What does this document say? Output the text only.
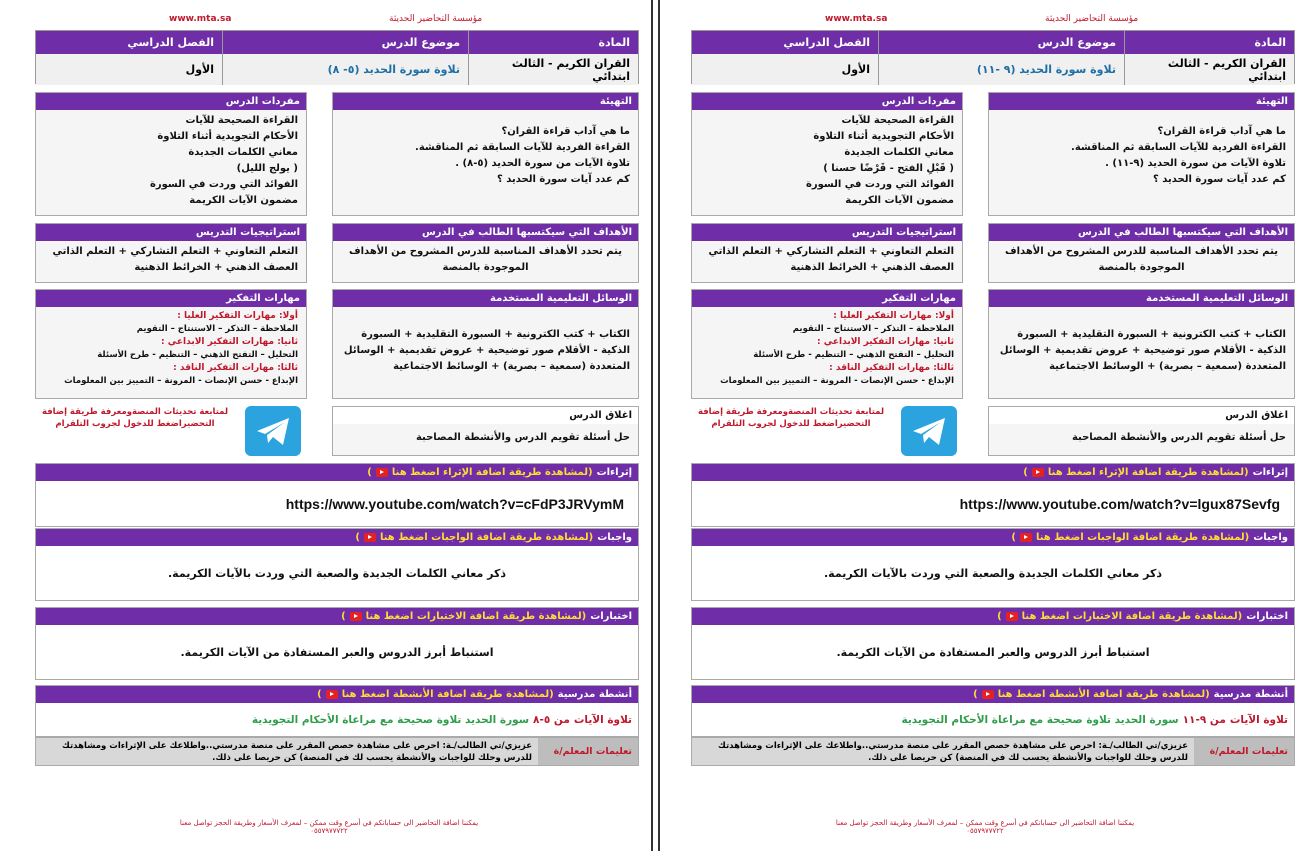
www.mta.sa	مؤسسة التحاضير الحديثة
المادة
موضوع الدرس
الفصل الدراسي
القران الكريم - الثالث ابتدائي
تلاوة سورة الحديد (٥- ٨)
الأول
التهيئة
ما هي آداب قراءة القران؟
القراءة الفردية للآيات السابقة ثم المناقشة.
تلاوة الآيات من سورة الحديد (٥-٨) .
كم عدد آيات سورة الحديد ؟
مفردات الدرس
القراءة الصحيحة للآيات
الأحكام التجويدية أثناء التلاوة
معاني الكلمات الجديدة
( يولج الليل)
الفوائد التي وردت في السورة
مضمون الآيات الكريمة
الأهداف التي سيكتسبها الطالب في الدرس
يتم تحدد الأهداف المناسبة للدرس المشروح من الأهداف الموجودة بالمنصة
استراتيجيات التدريس
التعلم التعاوني + التعلم التشاركي + التعلم الذاتي
العصف الذهني + الخرائط الذهنية
الوسائل التعليمية المستخدمة
الكتاب + كتب الكترونية + السبورة التقليدية + السبورة
الذكية - الأقلام صور توضيحية + عروض تقديمية + الوسائل
المتعددة (سمعية – بصرية) + الوسائط الاجتماعية
مهارات التفكير
أولا: مهارات التفكير العليا :
الملاحظة – التذكر – الاستنتاج – التقويم
ثانيا: مهارات التفكير الابداعي :
التحليل – التفتح الذهني – التنظيم - طرح الأسئلة
ثالثا: مهارات التفكير الناقد :
الإبداع - حسن الإنصات - المرونة – التمييز بين المعلومات
لمتابعة تحديثات المنصةومعرفة طريقة إضافة التحضيراضغط للدخول لجروب التلقرام
اغلاق الدرس
حل أسئلة تقويم الدرس والأنشطة المصاحبة
إثراءات
(لمشاهدة طريقة اضافة الإثراء اضغط هنا
)
https://www.youtube.com/watch?v=cFdP3JRVymM
واجبات
(لمشاهدة طريقة اضافة الواجبات اضغط هنا
)
ذكر معاني الكلمات الجديدة والصعبة التي وردت بالآيات الكريمة.
اختبارات
(لمشاهدة طريقة اضافة الاختبارات اضغط هنا
)
استنباط أبرز الدروس والعبر المستفادة من الآيات الكريمة.
أنشطة مدرسية
(لمشاهدة طريقة اضافة الأنشطة اضغط هنا
)
تلاوة الآيات
من ٥-٨
سورة الحديد تلاوة صحيحة مع مراعاة الأحكام التجويدية
تعليمات المعلم/ة
عزيزي/تي الطالب/ـة: احرص على مشاهدة حصص المقرر على منصة مدرستي..واطلاعك على الإثراءات ومشاهدتك للدرس وحلك للواجبات والأنشطة يحسب لك في المنصة) كن حريصا على ذلك.
يمكننا اضافة التحاضير الى حساباتكم في أسرع وقت ممكن – لمعرف الأسعار وطريقة الحجز تواصل معنا ٠٥٥٧٩٧٧٧٢٢
www.mta.sa	مؤسسة التحاضير الحديثة
المادة
موضوع الدرس
الفصل الدراسي
القران الكريم - الثالث ابتدائي
تلاوة سورة الحديد (٩ -١١)
الأول
التهيئة
ما هي آداب قراءة القران؟
القراءة الفردية للآيات السابقة ثم المناقشة.
تلاوة الآيات من سورة الحديد (٩-١١) .
كم عدد آيات سورة الحديد ؟
مفردات الدرس
القراءة الصحيحة للآيات
الأحكام التجويدية أثناء التلاوة
معاني الكلمات الجديدة
( قَبْلِ الفتح - قَرْضًا حسنا )
الفوائد التي وردت في السورة
مضمون الآيات الكريمة
الأهداف التي سيكتسبها الطالب في الدرس
يتم تحدد الأهداف المناسبة للدرس المشروح من الأهداف الموجودة بالمنصة
استراتيجيات التدريس
التعلم التعاوني + التعلم التشاركي + التعلم الذاتي
العصف الذهني + الخرائط الذهنية
الوسائل التعليمية المستخدمة
الكتاب + كتب الكترونية + السبورة التقليدية + السبورة
الذكية - الأقلام صور توضيحية + عروض تقديمية + الوسائل
المتعددة (سمعية – بصرية) + الوسائط الاجتماعية
مهارات التفكير
أولا: مهارات التفكير العليا :
الملاحظة – التذكر – الاستنتاج – التقويم
ثانيا: مهارات التفكير الابداعي :
التحليل – التفتح الذهني – التنظيم - طرح الأسئلة
ثالثا: مهارات التفكير الناقد :
الإبداع - حسن الإنصات - المرونة – التمييز بين المعلومات
لمتابعة تحديثات المنصةومعرفة طريقة إضافة التحضيراضغط للدخول لجروب التلقرام
اغلاق الدرس
حل أسئلة تقويم الدرس والأنشطة المصاحبة
إثراءات
(لمشاهدة طريقة اضافة الإثراء اضغط هنا
)
https://www.youtube.com/watch?v=lgux87Sevfg
واجبات
(لمشاهدة طريقة اضافة الواجبات اضغط هنا
)
ذكر معاني الكلمات الجديدة والصعبة التي وردت بالآيات الكريمة.
اختبارات
(لمشاهدة طريقة اضافة الاختبارات اضغط هنا
)
استنباط أبرز الدروس والعبر المستفادة من الآيات الكريمة.
أنشطة مدرسية
(لمشاهدة طريقة اضافة الأنشطة اضغط هنا
)
تلاوة الآيات
من ٩-١١
سورة الحديد تلاوة صحيحة مع مراعاة الأحكام التجويدية
تعليمات المعلم/ة
عزيزي/تي الطالب/ـة: احرص على مشاهدة حصص المقرر على منصة مدرستي..واطلاعك على الإثراءات ومشاهدتك للدرس وحلك للواجبات والأنشطة يحسب لك في المنصة) كن حريصا على ذلك.
يمكننا اضافة التحاضير الى حساباتكم في أسرع وقت ممكن – لمعرف الأسعار وطريقة الحجز تواصل معنا ٠٥٥٧٩٧٧٧٢٢
